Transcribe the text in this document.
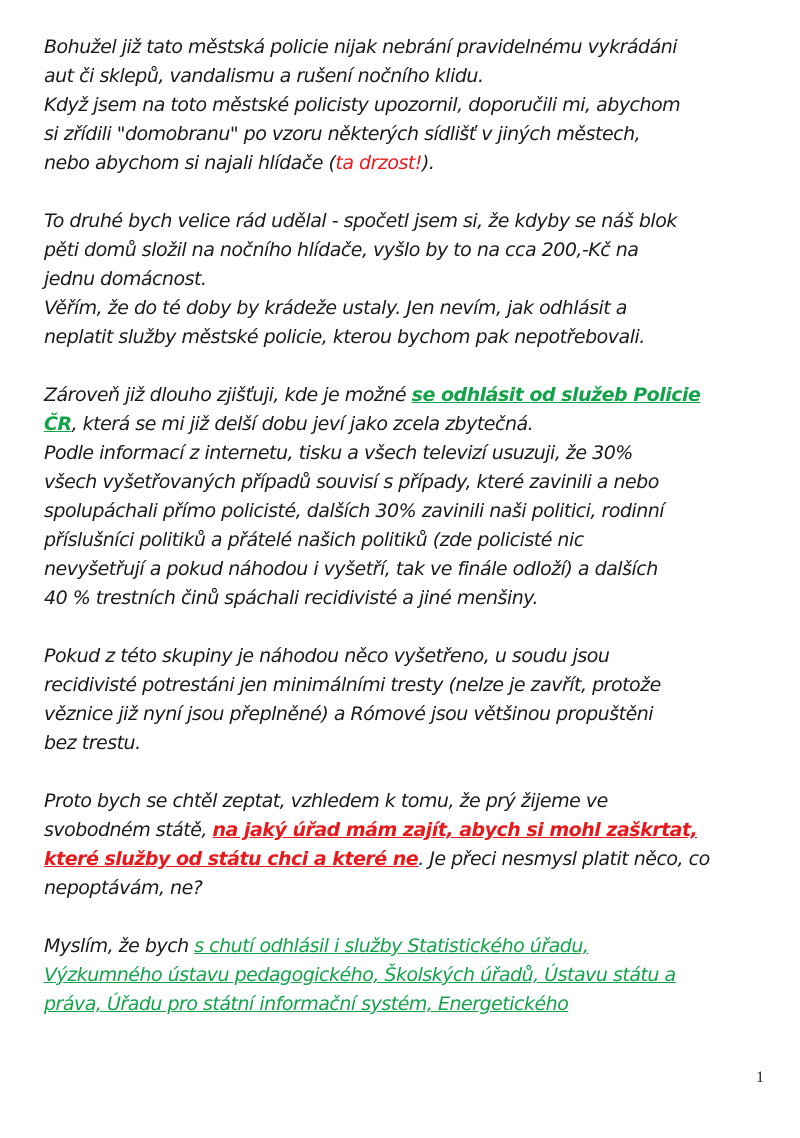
Bohužel již tato městská policie nijak nebrání pravidelnému vykrádáni
aut či sklepů, vandalismu a rušení nočního klidu.
Když jsem na toto městské policisty upozornil, doporučili mi, abychom
si zřídili "domobranu" po vzoru některých sídlišť v jiných městech,
nebo abychom si najali hlídače (ta drzost!).
To druhé bych velice rád udělal - spočetl jsem si, že kdyby se náš blok
pěti domů složil na nočního hlídače, vyšlo by to na cca 200,-Kč na
jednu domácnost.
Věřím, že do té doby by krádeže ustaly. Jen nevím, jak odhlásit a
neplatit služby městské policie, kterou bychom pak nepotřebovali.
Zároveň již dlouho zjišťuji, kde je možné se odhlásit od služeb Policie
ČR, která se mi již delší dobu jeví jako zcela zbytečná.
Podle informací z internetu, tisku a všech televizí usuzuji, že 30%
všech vyšetřovaných případů souvisí s případy, které zavinili a nebo
spolupáchali přímo policisté, dalších 30% zavinili naši politici, rodinní
příslušníci politiků a přátelé našich politiků (zde policisté nic
nevyšetřují a pokud náhodou i vyšetří, tak ve finále odloží) a dalších
40 % trestních činů spáchali recidivisté a jiné menšiny.
Pokud z této skupiny je náhodou něco vyšetřeno, u soudu jsou
recidivisté potrestáni jen minimálními tresty (nelze je zavřít, protože
věznice již nyní jsou přeplněné) a Rómové jsou většinou propuštěni
bez trestu.
Proto bych se chtěl zeptat, vzhledem k tomu, že prý žijeme ve
svobodném státě, na jaký úřad mám zajít, abych si mohl zaškrtat,
které služby od státu chci a které ne. Je přeci nesmysl platit něco, co
nepoptávám, ne?
Myslím, že bych s chutí odhlásil i služby Statistického úřadu,
Výzkumného ústavu pedagogického, Školských úřadů, Ústavu státu a
práva, Úřadu pro státní informační systém, Energetického
1
